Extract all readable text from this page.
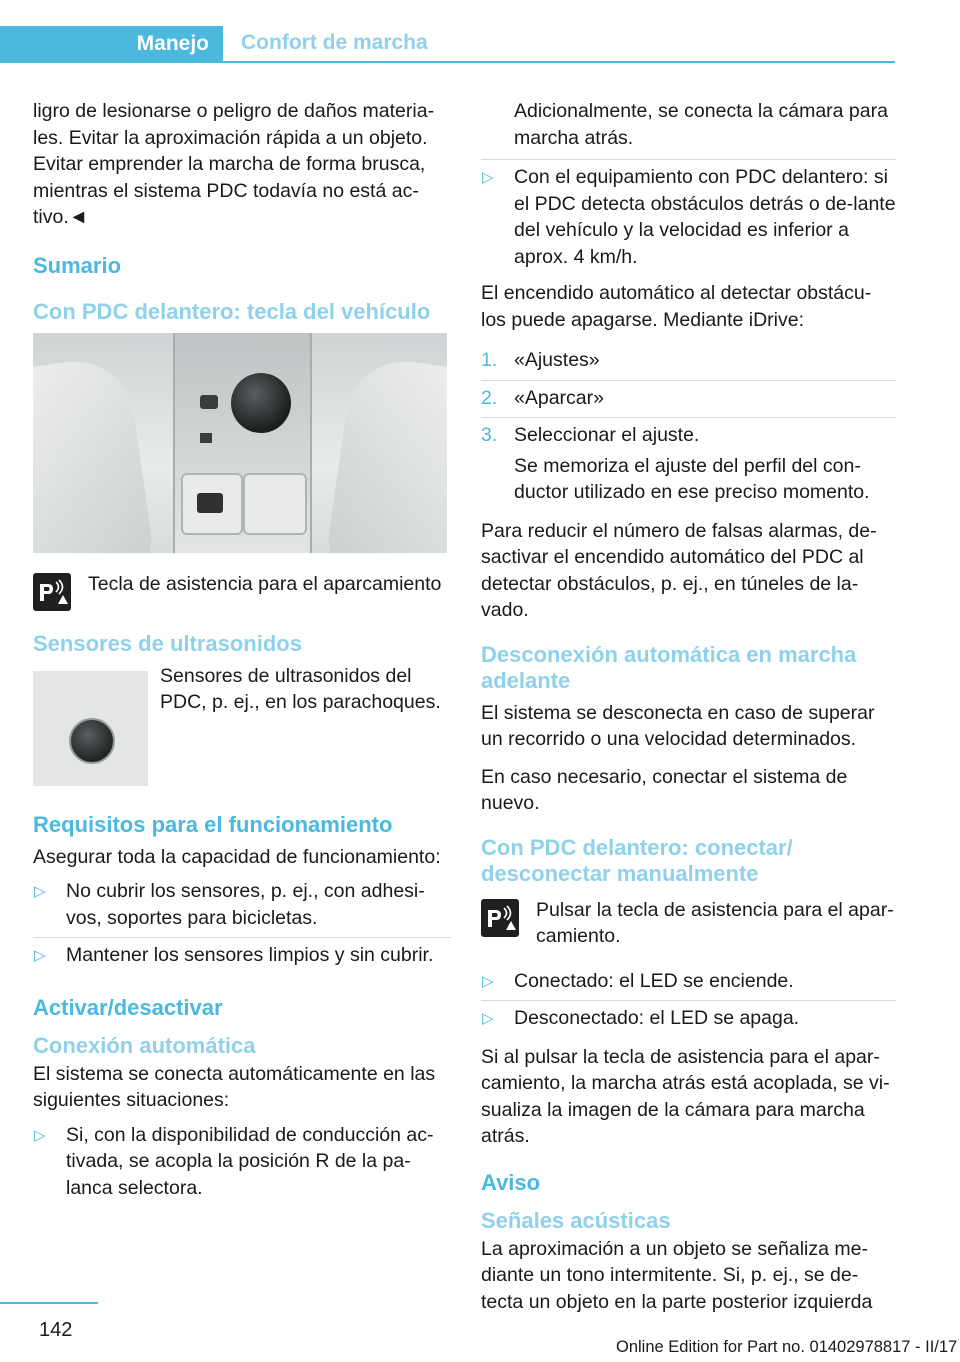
Manejo	Confort de marcha

ligro de lesionarse o peligro de daños materia-les. Evitar la aproximación rápida a un objeto. Evitar emprender la marcha de forma brusca, mientras el sistema PDC todavía no está ac-tivo.◄

Sumario
Con PDC delantero: tecla del vehículo

Tecla de asistencia para el aparcamiento

Sensores de ultrasonidos

Sensores de ultrasonidos del PDC, p. ej., en los parachoques.

Requisitos para el funcionamiento

Asegurar toda la capacidad de funcionamiento:

▷ No cubrir los sensores, p. ej., con adhesi-vos, soportes para bicicletas.
▷ Mantener los sensores limpios y sin cubrir.
Activar/desactivar
Conexión automática

El sistema se conecta automáticamente en las siguientes situaciones:

▷ Si, con la disponibilidad de conducción ac-tivada, se acopla la posición R de la pa-lanca selectora.

Adicionalmente, se conecta la cámara para marcha atrás.

▷ Con el equipamiento con PDC delantero: si el PDC detecta obstáculos detrás o de-lante del vehículo y la velocidad es inferior a aprox. 4 km/h.

El encendido automático al detectar obstácu-los puede apagarse. Mediante iDrive:

1. «Ajustes»
2. «Aparcar»
3. Seleccionar el ajuste.
Se memoriza el ajuste del perfil del con-ductor utilizado en ese preciso momento.

Para reducir el número de falsas alarmas, de-sactivar el encendido automático del PDC al detectar obstáculos, p. ej., en túneles de la-vado.

Desconexión automática en marcha adelante

El sistema se desconecta en caso de superar un recorrido o una velocidad determinados.

En caso necesario, conectar el sistema de nuevo.

Con PDC delantero: conectar/ desconectar manualmente

Pulsar la tecla de asistencia para el apar-camiento.

▷ Conectado: el LED se enciende.
▷ Desconectado: el LED se apaga.

Si al pulsar la tecla de asistencia para el apar-camiento, la marcha atrás está acoplada, se vi-sualiza la imagen de la cámara para marcha atrás.

Aviso
Señales acústicas

La aproximación a un objeto se señaliza me-diante un tono intermitente. Si, p. ej., se de-tecta un objeto en la parte posterior izquierda

142
Online Edition for Part no. 01402978817 - II/17
